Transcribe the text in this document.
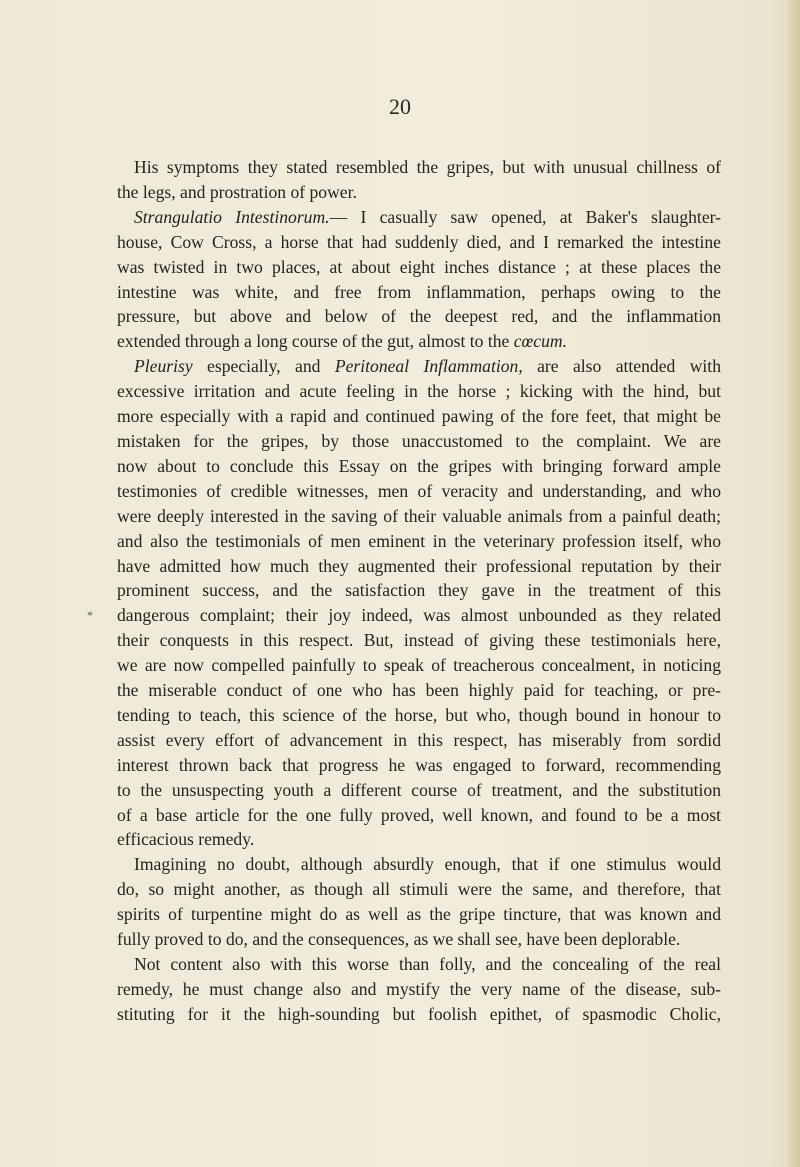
20
*
His symptoms they stated resembled the gripes, but with unusual chillness of
the legs, and prostration of power.
Strangulatio Intestinorum.— I casually saw opened, at Baker's slaughter-
house, Cow Cross, a horse that had suddenly died, and I remarked the intestine
was twisted in two places, at about eight inches distance ; at these places the
intestine was white, and free from inflammation, perhaps owing to the
pressure, but above and below of the deepest red, and the inflammation
extended through a long course of the gut, almost to the cœcum.
Pleurisy especially, and Peritoneal Inflammation, are also attended with
excessive irritation and acute feeling in the horse ; kicking with the hind, but
more especially with a rapid and continued pawing of the fore feet, that might be
mistaken for the gripes, by those unaccustomed to the complaint. We are
now about to conclude this Essay on the gripes with bringing forward ample
testimonies of credible witnesses, men of veracity and understanding, and who
were deeply interested in the saving of their valuable animals from a painful death;
and also the testimonials of men eminent in the veterinary profession itself, who
have admitted how much they augmented their professional reputation by their
prominent success, and the satisfaction they gave in the treatment of this
dangerous complaint; their joy indeed, was almost unbounded as they related
their conquests in this respect. But, instead of giving these testimonials here,
we are now compelled painfully to speak of treacherous concealment, in noticing
the miserable conduct of one who has been highly paid for teaching, or pre-
tending to teach, this science of the horse, but who, though bound in honour to
assist every effort of advancement in this respect, has miserably from sordid
interest thrown back that progress he was engaged to forward, recommending
to the unsuspecting youth a different course of treatment, and the substitution
of a base article for the one fully proved, well known, and found to be a most
efficacious remedy.
Imagining no doubt, although absurdly enough, that if one stimulus would
do, so might another, as though all stimuli were the same, and therefore, that
spirits of turpentine might do as well as the gripe tincture, that was known and
fully proved to do, and the consequences, as we shall see, have been deplorable.
Not content also with this worse than folly, and the concealing of the real
remedy, he must change also and mystify the very name of the disease, sub-
stituting for it the high-sounding but foolish epithet, of spasmodic Cholic,
